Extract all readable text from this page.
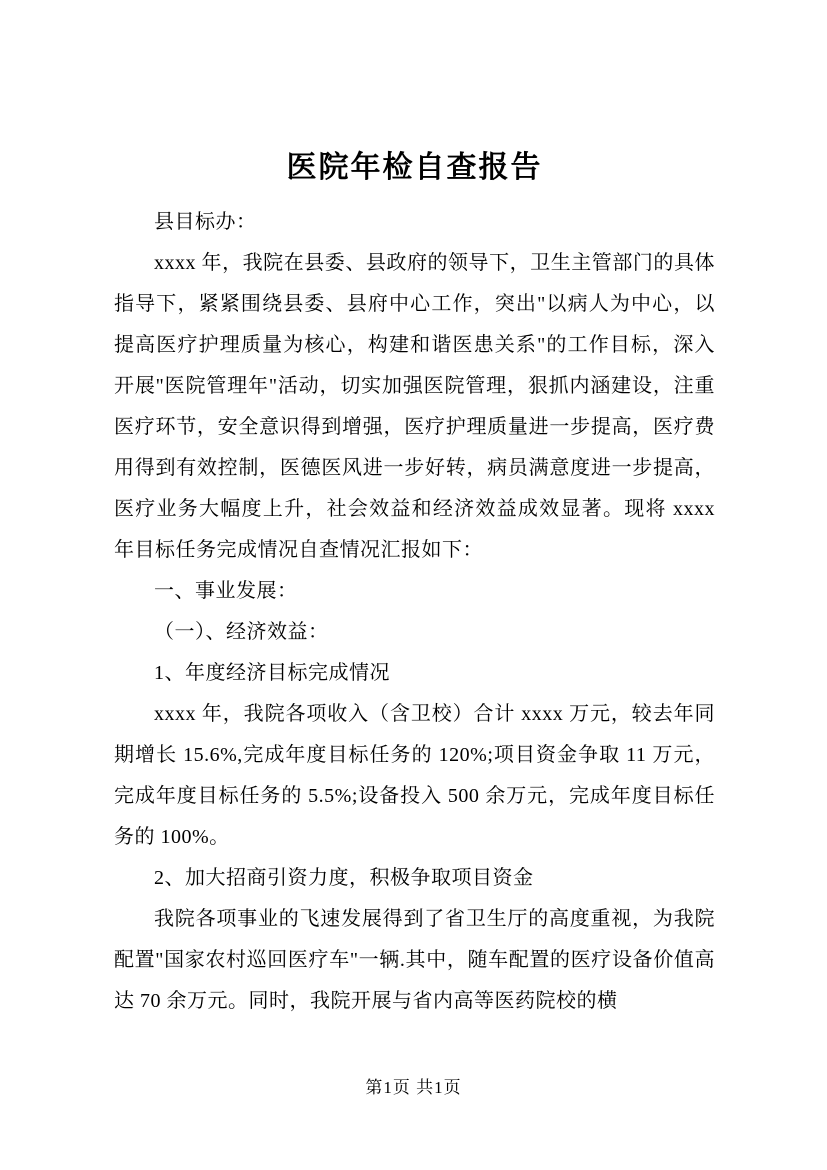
医院年检自查报告

县目标办：

xxxx 年，我院在县委、县政府的领导下，卫生主管部门的具体指导下，紧紧围绕县委、县府中心工作，突出"以病人为中心，以提高医疗护理质量为核心，构建和谐医患关系"的工作目标，深入开展"医院管理年"活动，切实加强医院管理，狠抓内涵建设，注重医疗环节，安全意识得到增强，医疗护理质量进一步提高，医疗费用得到有效控制，医德医风进一步好转，病员满意度进一步提高，医疗业务大幅度上升，社会效益和经济效益成效显著。现将 xxxx 年目标任务完成情况自查情况汇报如下：

一、事业发展：

（一）、经济效益：

1、年度经济目标完成情况

xxxx 年，我院各项收入（含卫校）合计 xxxx 万元，较去年同期增长 15.6%,完成年度目标任务的 120%;项目资金争取 11 万元，完成年度目标任务的 5.5%;设备投入 500 余万元，完成年度目标任务的 100%。

2、加大招商引资力度，积极争取项目资金

我院各项事业的飞速发展得到了省卫生厅的高度重视，为我院配置"国家农村巡回医疗车"一辆.其中，随车配置的医疗设备价值高达 70 余万元。同时，我院开展与省内高等医药院校的横

第1页 共1页
